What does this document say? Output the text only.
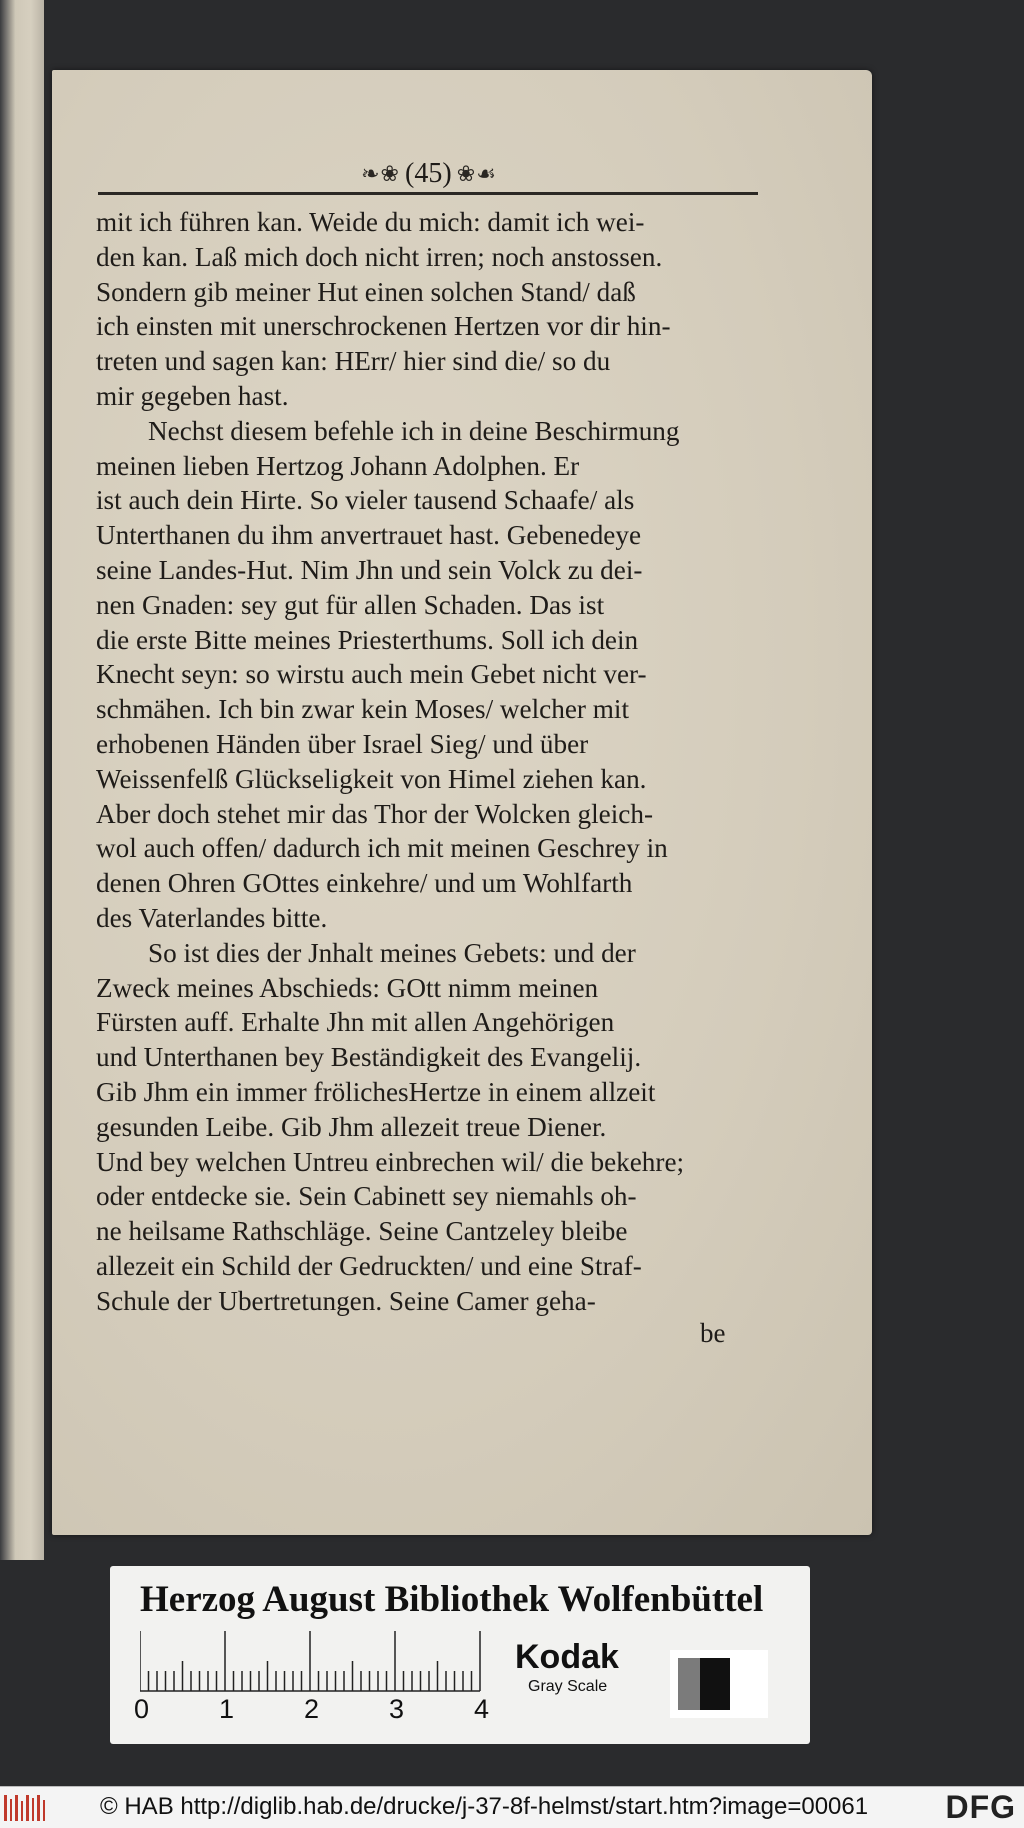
❧❀ (45) ❀☙
mit ich führen kan. Weide du mich: damit ich wei-
den kan. Laß mich doch nicht irren; noch anstossen.
Sondern gib meiner Hut einen solchen Stand/ daß
ich einsten mit unerschrockenen Hertzen vor dir hin-
treten und sagen kan: HErr/ hier sind die/ so du
mir gegeben hast.
Nechst diesem befehle ich in deine Beschirmung
meinen lieben Hertzog Johann Adolphen. Er
ist auch dein Hirte. So vieler tausend Schaafe/ als
Unterthanen du ihm anvertrauet hast. Gebenedeye
seine Landes-Hut. Nim Jhn und sein Volck zu dei-
nen Gnaden: sey gut für allen Schaden. Das ist
die erste Bitte meines Priesterthums. Soll ich dein
Knecht seyn: so wirstu auch mein Gebet nicht ver-
schmähen. Ich bin zwar kein Moses/ welcher mit
erhobenen Händen über Israel Sieg/ und über
Weissenfelß Glückseligkeit von Himel ziehen kan.
Aber doch stehet mir das Thor der Wolcken gleich-
wol auch offen/ dadurch ich mit meinen Geschrey in
denen Ohren GOttes einkehre/ und um Wohlfarth
des Vaterlandes bitte.
So ist dies der Jnhalt meines Gebets: und der
Zweck meines Abschieds: GOtt nimm meinen
Fürsten auff. Erhalte Jhn mit allen Angehörigen
und Unterthanen bey Beständigkeit des Evangelij.
Gib Jhm ein immer frölichesHertze in einem allzeit
gesunden Leibe. Gib Jhm allezeit treue Diener.
Und bey welchen Untreu einbrechen wil/ die bekehre;
oder entdecke sie. Sein Cabinett sey niemahls oh-
ne heilsame Rathschläge. Seine Cantzeley bleibe
allezeit ein Schild der Gedruckten/ und eine Straf-
Schule der Ubertretungen. Seine Camer geha-
be
Herzog August Bibliothek Wolfenbüttel
0	1	2	3	4
Kodak
Gray Scale
© HAB http://diglib.hab.de/drucke/j-37-8f-helmst/start.htm?image=00061 DFG
